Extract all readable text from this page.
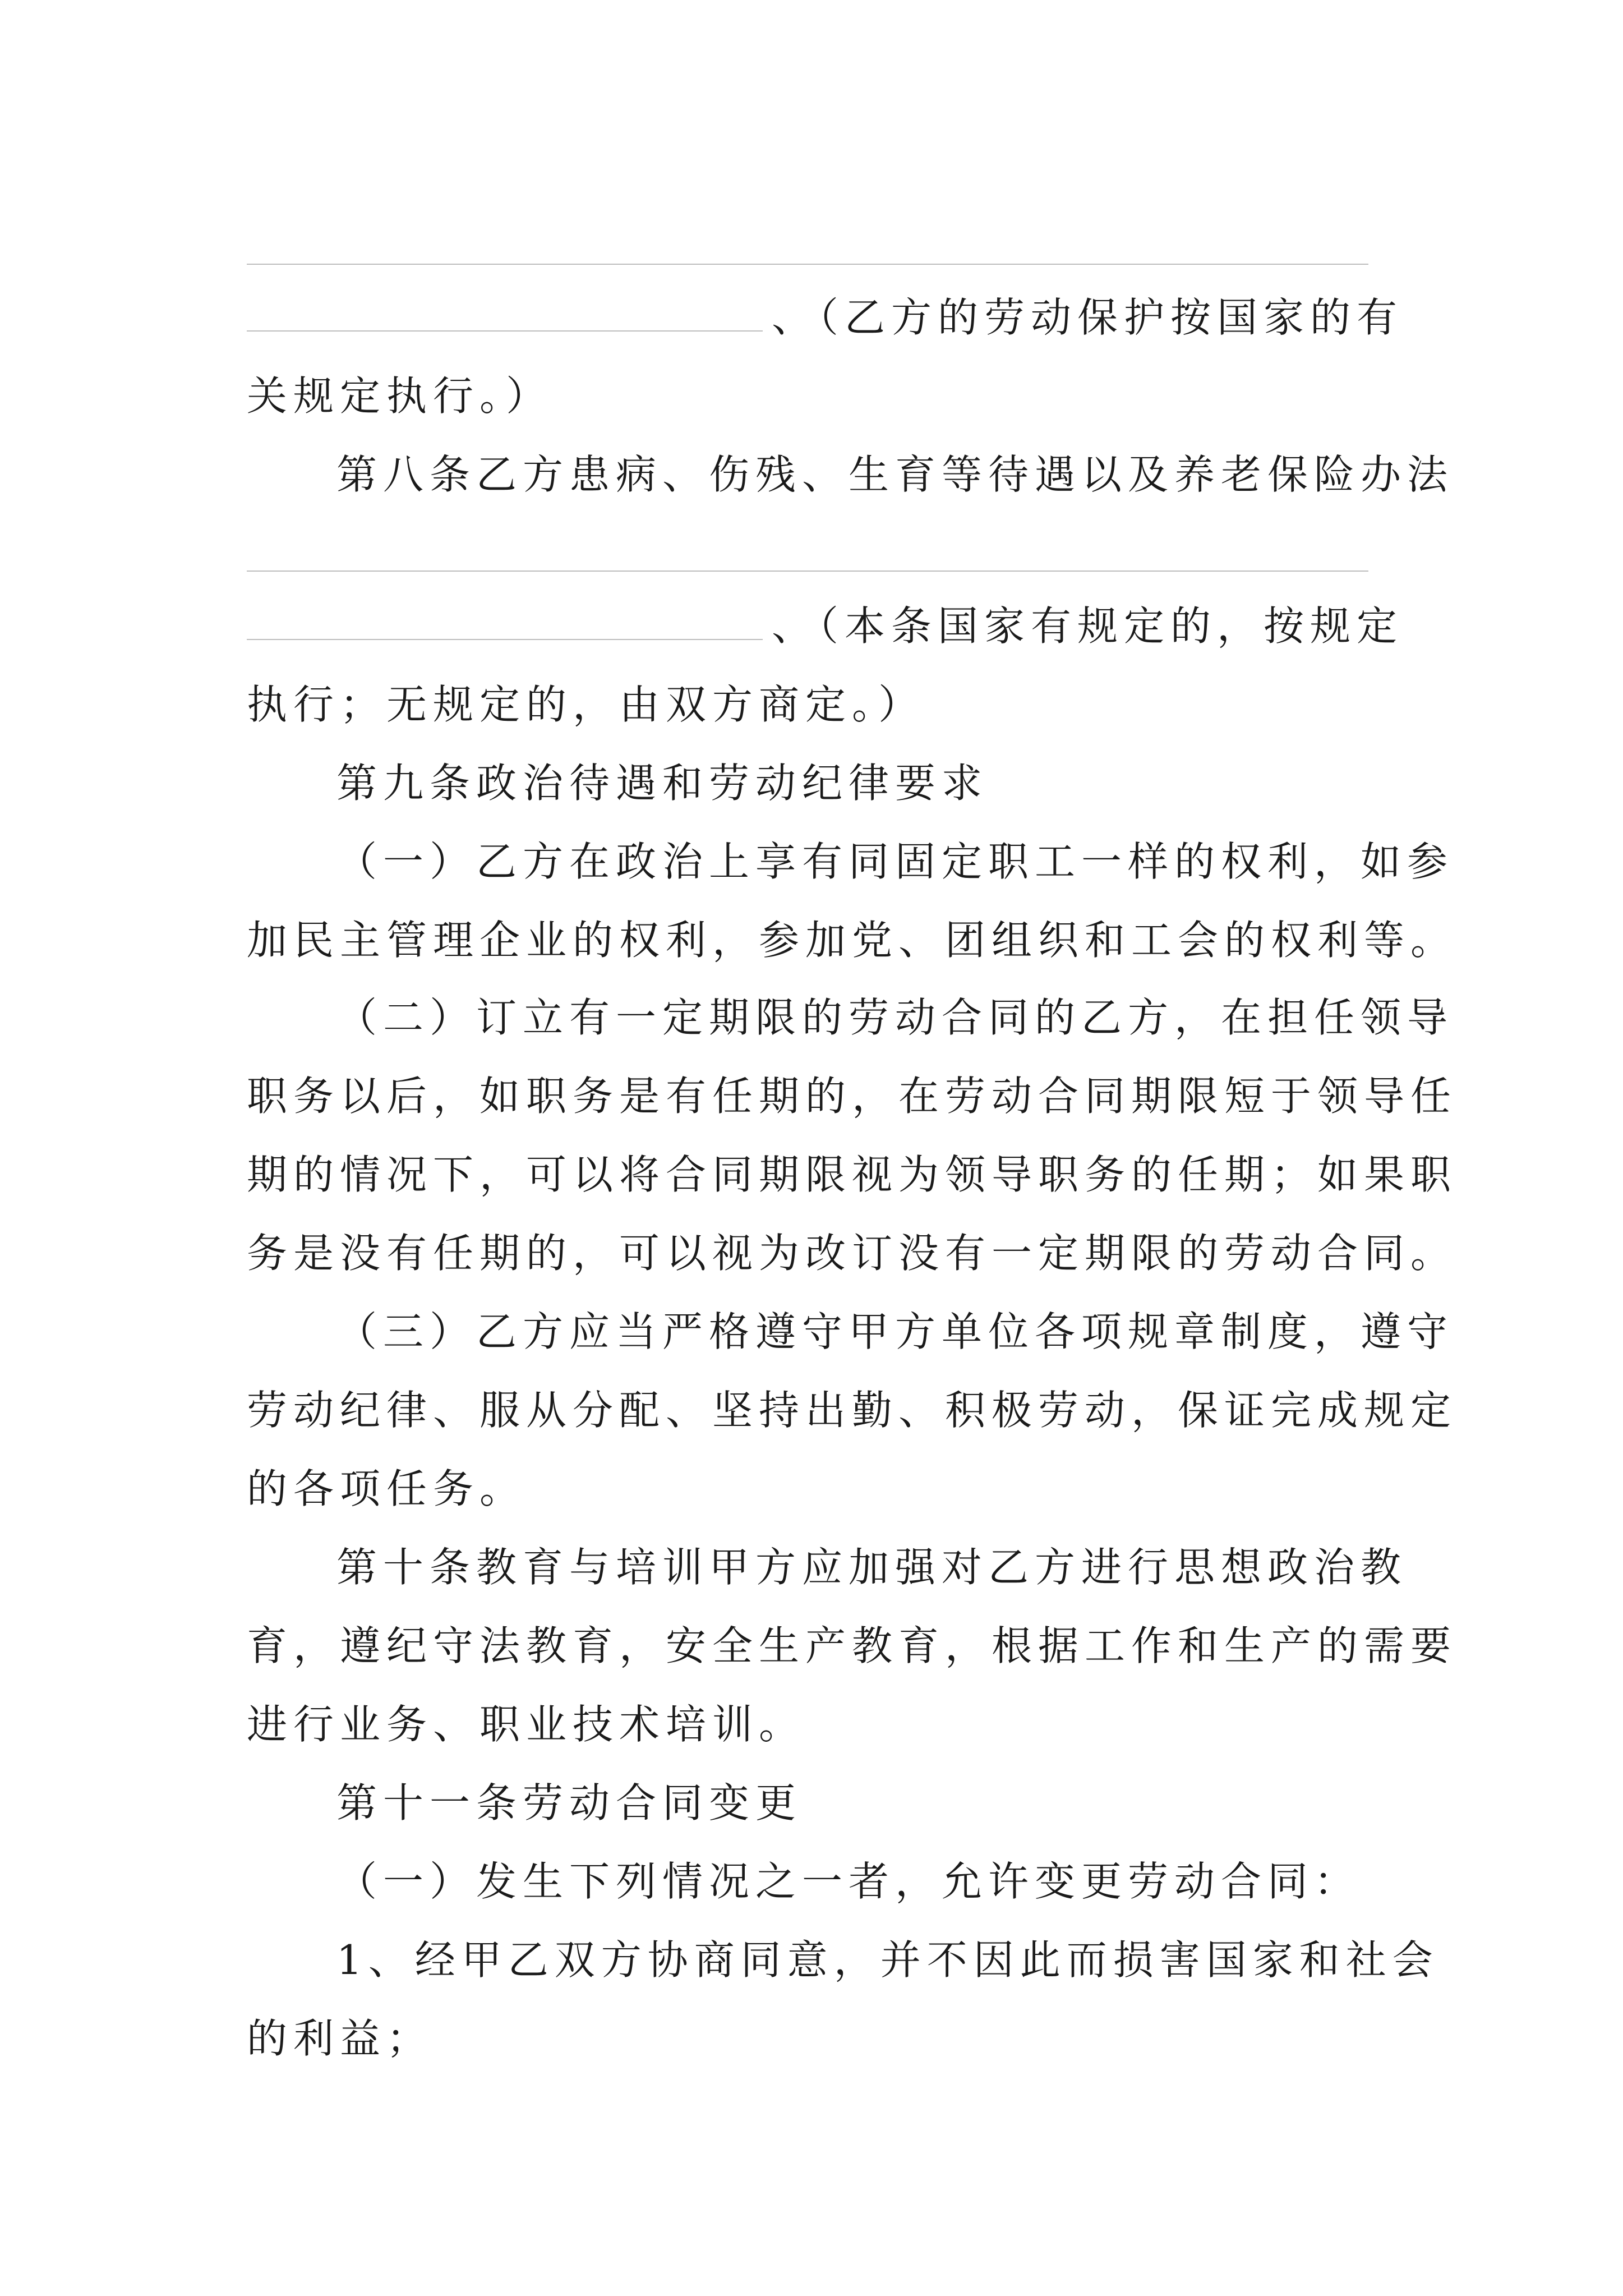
、（乙方的劳动保护按国家的有
关规定执行。）
第八条乙方患病、伤残、生育等待遇以及养老保险办法
、（本条国家有规定的，按规定
执行；无规定的，由双方商定。）
第九条政治待遇和劳动纪律要求
（一）乙方在政治上享有同固定职工一样的权利，如参
加民主管理企业的权利，参加党、团组织和工会的权利等。
（二）订立有一定期限的劳动合同的乙方，在担任领导
职务以后，如职务是有任期的，在劳动合同期限短于领导任
期的情况下，可以将合同期限视为领导职务的任期；如果职
务是没有任期的，可以视为改订没有一定期限的劳动合同。
（三）乙方应当严格遵守甲方单位各项规章制度，遵守
劳动纪律、服从分配、坚持出勤、积极劳动，保证完成规定
的各项任务。
第十条教育与培训甲方应加强对乙方进行思想政治教
育，遵纪守法教育，安全生产教育，根据工作和生产的需要
进行业务、职业技术培训。
第十一条劳动合同变更
（一）发生下列情况之一者，允许变更劳动合同：
1、经甲乙双方协商同意，并不因此而损害国家和社会
的利益；
